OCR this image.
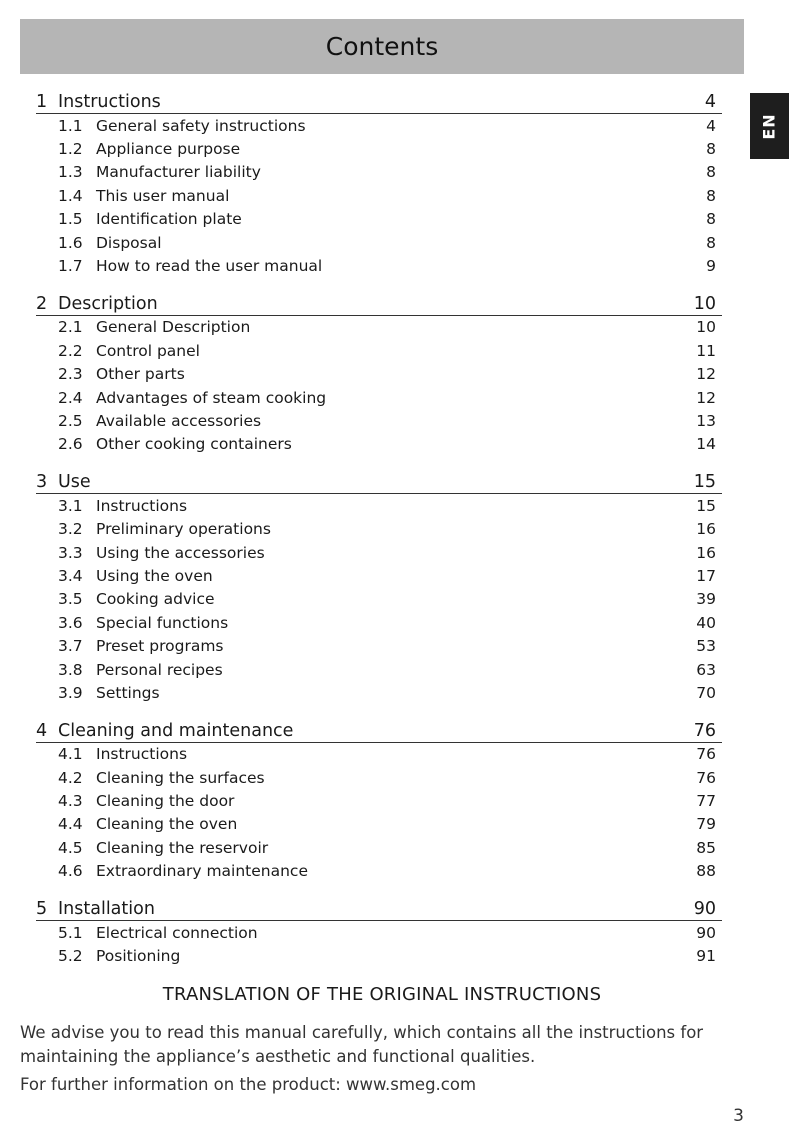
Contents
EN
1 Instructions	4
1.1 General safety instructions	4
1.2 Appliance purpose	8
1.3 Manufacturer liability	8
1.4 This user manual	8
1.5 Identification plate	8
1.6 Disposal	8
1.7 How to read the user manual	9
2 Description	10
2.1 General Description	10
2.2 Control panel	11
2.3 Other parts	12
2.4 Advantages of steam cooking	12
2.5 Available accessories	13
2.6 Other cooking containers	14
3 Use	15
3.1 Instructions	15
3.2 Preliminary operations	16
3.3 Using the accessories	16
3.4 Using the oven	17
3.5 Cooking advice	39
3.6 Special functions	40
3.7 Preset programs	53
3.8 Personal recipes	63
3.9 Settings	70
4 Cleaning and maintenance	76
4.1 Instructions	76
4.2 Cleaning the surfaces	76
4.3 Cleaning the door	77
4.4 Cleaning the oven	79
4.5 Cleaning the reservoir	85
4.6 Extraordinary maintenance	88
5 Installation	90
5.1 Electrical connection	90
5.2 Positioning	91
TRANSLATION OF THE ORIGINAL INSTRUCTIONS
We advise you to read this manual carefully, which contains all the instructions for maintaining the appliance’s aesthetic and functional qualities.
For further information on the product: www.smeg.com
3
